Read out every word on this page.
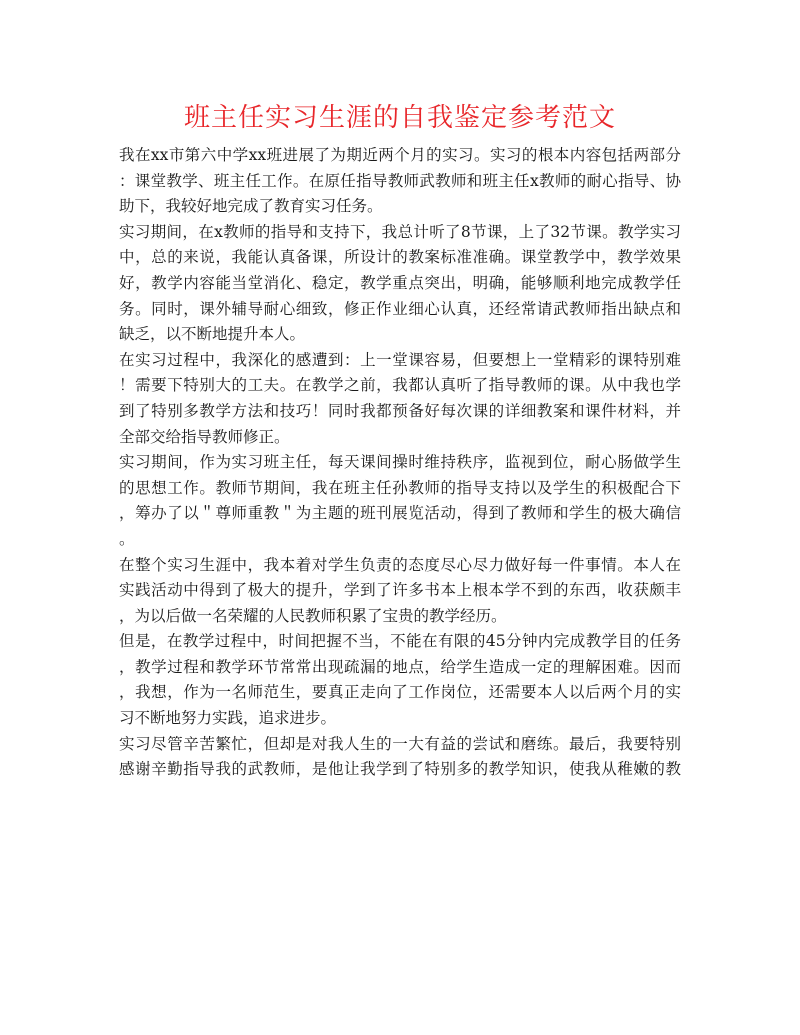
班主任实习生涯的自我鉴定参考范文
我在xx市第六中学xx班进展了为期近两个月的实习。实习的根本内容包括两部分
：课堂教学、班主任工作。在原任指导教师武教师和班主任x教师的耐心指导、协
助下，我较好地完成了教育实习任务。
实习期间，在x教师的指导和支持下，我总计听了8节课，上了32节课。教学实习
中，总的来说，我能认真备课，所设计的教案标准准确。课堂教学中，教学效果
好，教学内容能当堂消化、稳定，教学重点突出，明确，能够顺利地完成教学任
务。同时，课外辅导耐心细致，修正作业细心认真，还经常请武教师指出缺点和
缺乏，以不断地提升本人。
在实习过程中，我深化的感遭到：上一堂课容易，但要想上一堂精彩的课特别难
！需要下特别大的工夫。在教学之前，我都认真听了指导教师的课。从中我也学
到了特别多教学方法和技巧！同时我都预备好每次课的详细教案和课件材料，并
全部交给指导教师修正。
实习期间，作为实习班主任，每天课间操时维持秩序，监视到位，耐心肠做学生
的思想工作。教师节期间，我在班主任孙教师的指导支持以及学生的积极配合下
，筹办了以＂尊师重教＂为主题的班刊展览活动，得到了教师和学生的极大确信
。
在整个实习生涯中，我本着对学生负责的态度尽心尽力做好每一件事情。本人在
实践活动中得到了极大的提升，学到了许多书本上根本学不到的东西，收获颇丰
，为以后做一名荣耀的人民教师积累了宝贵的教学经历。
但是，在教学过程中，时间把握不当，不能在有限的45分钟内完成教学目的任务
，教学过程和教学环节常常出现疏漏的地点，给学生造成一定的理解困难。因而
，我想，作为一名师范生，要真正走向了工作岗位，还需要本人以后两个月的实
习不断地努力实践，追求进步。
实习尽管辛苦繁忙，但却是对我人生的一大有益的尝试和磨练。最后，我要特别
感谢辛勤指导我的武教师，是他让我学到了特别多的教学知识，使我从稚嫩的教
